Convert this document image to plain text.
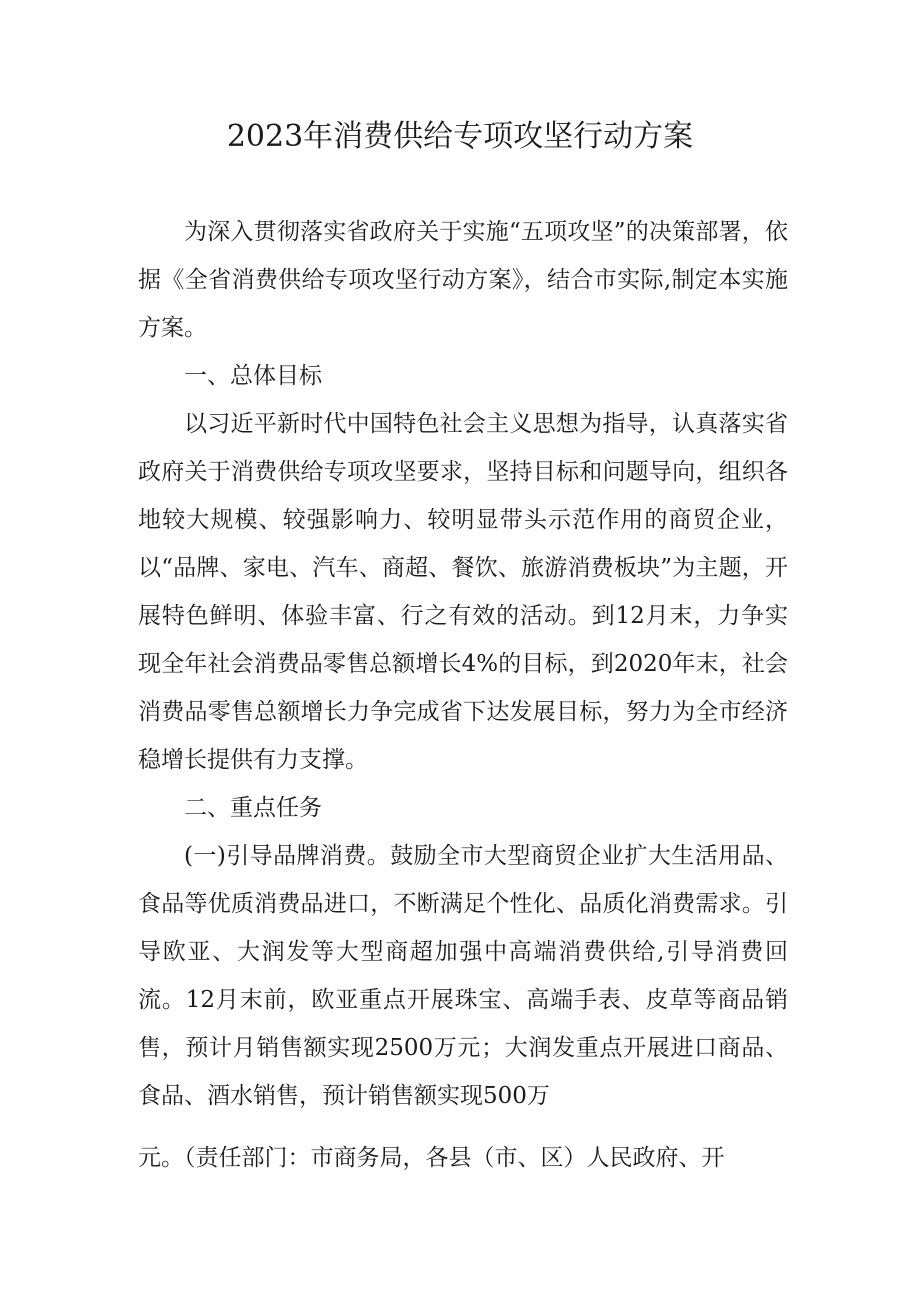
2023年消费供给专项攻坚行动方案

为深入贯彻落实省政府关于实施“五项攻坚”的决策部署，依据《全省消费供给专项攻坚行动方案》，结合市实际,制定本实施方案。

一、总体目标

以习近平新时代中国特色社会主义思想为指导，认真落实省政府关于消费供给专项攻坚要求，坚持目标和问题导向，组织各地较大规模、较强影响力、较明显带头示范作用的商贸企业，以“品牌、家电、汽车、商超、餐饮、旅游消费板块”为主题，开展特色鲜明、体验丰富、行之有效的活动。到12月末，力争实现全年社会消费品零售总额增长4%的目标，到2020年末，社会消费品零售总额增长力争完成省下达发展目标，努力为全市经济稳增长提供有力支撑。

二、重点任务

(一)引导品牌消费。鼓励全市大型商贸企业扩大生活用品、食品等优质消费品进口，不断满足个性化、品质化消费需求。引导欧亚、大润发等大型商超加强中高端消费供给,引导消费回流。12月末前，欧亚重点开展珠宝、高端手表、皮草等商品销售，预计月销售额实现2500万元；大润发重点开展进口商品、食品、酒水销售，预计销售额实现500万

元。（责任部门：市商务局，各县（市、区）人民政府、开
